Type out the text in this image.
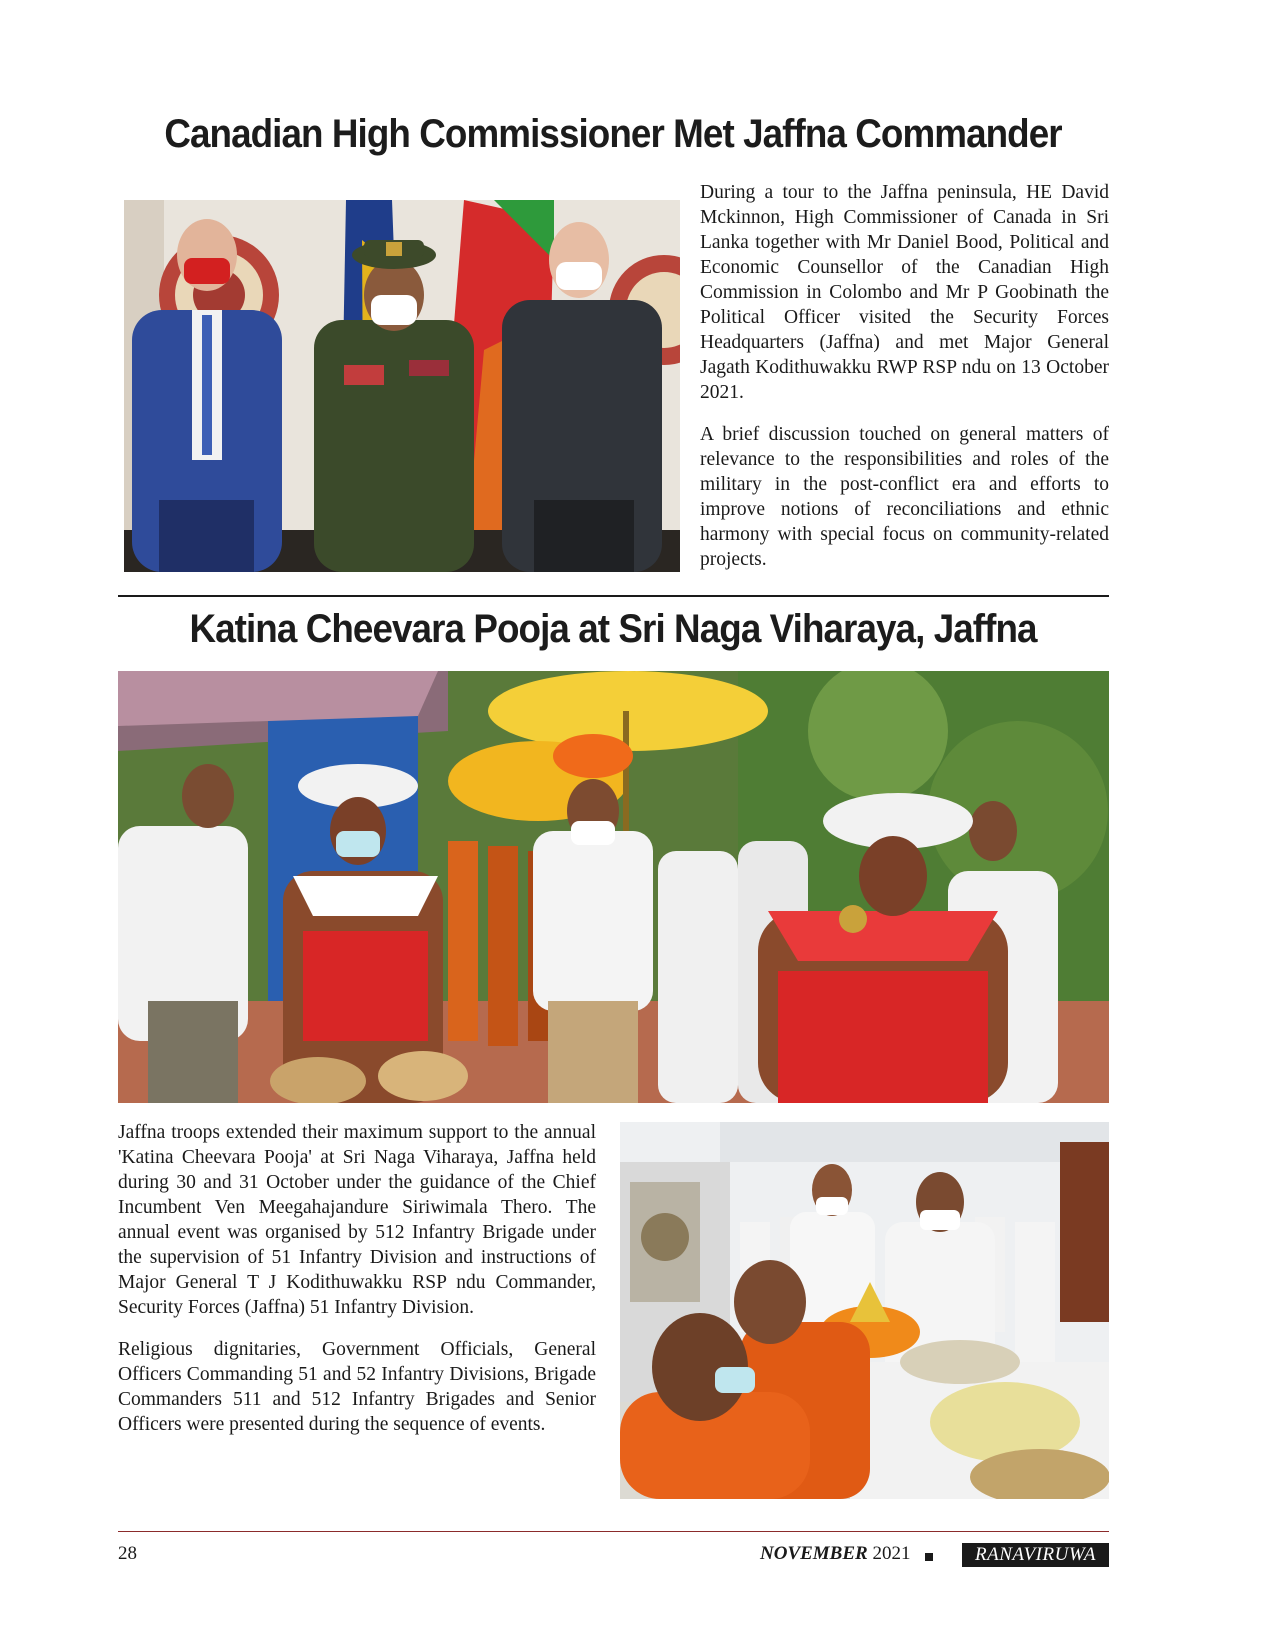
Canadian High Commissioner Met Jaffna Commander

During a tour to the Jaffna peninsula, HE David Mckinnon, High Commissioner of Canada in Sri Lanka together with Mr Daniel Bood, Political and Economic Counsellor of the Canadian High Commission in Colombo and Mr P Goobinath the Political Officer visited the Security Forces Headquarters (Jaffna) and met Major General Jagath Kodithuwakku RWP RSP ndu on 13 October 2021.

A brief discussion touched on general matters of relevance to the responsibilities and roles of the military in the post-conflict era and efforts to improve notions of reconciliations and ethnic harmony with special focus on community-related projects.

Katina Cheevara Pooja at Sri Naga Viharaya, Jaffna

Jaffna troops extended their maximum support to the annual 'Katina Cheevara Pooja' at Sri Naga Viharaya, Jaffna held during 30 and 31 October under the guidance of the Chief Incumbent Ven Meegahajandure Siriwimala Thero. The annual event was organised by 512 Infantry Brigade under the supervision of 51 Infantry Division and instructions of Major General T J Kodithuwakku RSP ndu Commander, Security Forces (Jaffna) 51 Infantry Division.

Religious dignitaries, Government Officials, General Officers Commanding 51 and 52 Infantry Divisions, Brigade Commanders 511 and 512 Infantry Brigades and Senior Officers were presented during the sequence of events.

28	NOVEMBER 2021	RANAVIRUWA
